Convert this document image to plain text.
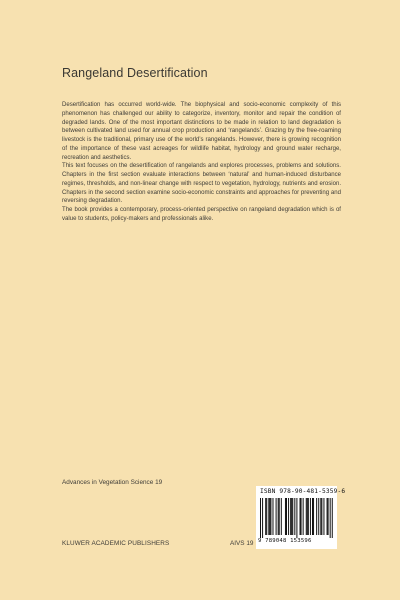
Rangeland Desertification

Desertification has occurred world-wide. The biophysical and socio-economic complexity of this phenomenon has challenged our ability to categorize, inventory, monitor and repair the condition of degraded lands. One of the most important distinctions to be made in relation to land degradation is between cultivated land used for annual crop production and ‘rangelands’. Grazing by the free-roaming livestock is the traditional, primary use of the world’s rangelands. However, there is growing recognition of the importance of these vast acreages for wildlife habitat, hydrology and ground water recharge, recreation and aesthetics.

This text focuses on the desertification of rangelands and explores processes, problems and solutions. Chapters in the first section evaluate interactions between ‘natural’ and human-induced disturbance regimes, thresholds, and non-linear change with respect to vegetation, hydrology, nutrients and erosion. Chapters in the second section examine socio-economic constraints and approaches for preventing and reversing degradation.

The book provides a contemporary, process-oriented perspective on rangeland degradation which is of value to students, policy-makers and professionals alike.

Advances in Vegetation Science 19
KLUWER ACADEMIC PUBLISHERS	AIVS 19
ISBN 978-90-481-5359-6
9 789048 153596
